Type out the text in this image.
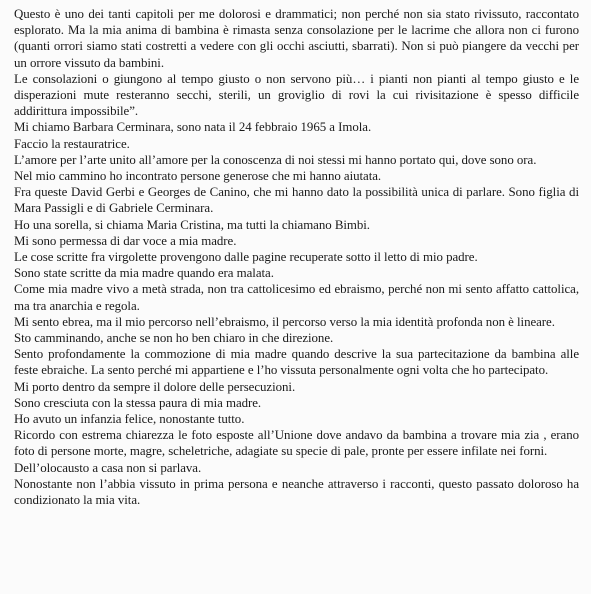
Questo è uno dei tanti capitoli per me dolorosi e drammatici; non perché non sia stato rivissuto, raccontato esplorato. Ma la mia anima di bambina è rimasta senza consolazione per le lacrime che allora non ci furono (quanti orrori siamo stati costretti a vedere con gli occhi asciutti, sbarrati). Non si può piangere da vecchi per un orrore vissuto da bambini.

Le consolazioni o giungono al tempo giusto o non servono più… i pianti non pianti al tempo giusto e le disperazioni mute resteranno secchi, sterili, un groviglio di rovi la cui rivisitazione è spesso difficile addirittura impossibile”.

Mi chiamo Barbara Cerminara, sono nata il 24 febbraio 1965 a Imola.

Faccio la restauratrice.

L’amore per l’arte unito all’amore per la conoscenza di noi stessi mi hanno portato qui, dove sono ora.

Nel mio cammino ho incontrato persone generose che mi hanno aiutata.

Fra queste David Gerbi e Georges de Canino, che mi hanno dato la possibilità unica di parlare. Sono figlia di Mara Passigli e di Gabriele Cerminara.

Ho una sorella, si chiama Maria Cristina, ma tutti la chiamano Bimbi.

Mi sono permessa di dar voce a mia madre.

Le cose scritte fra virgolette provengono dalle pagine recuperate sotto il letto di mio padre.

Sono state scritte da mia madre quando era malata.

Come mia madre vivo a metà strada, non tra cattolicesimo ed ebraismo, perché non mi sento affatto cattolica, ma tra anarchia e regola.

Mi sento ebrea, ma il mio percorso nell’ebraismo, il percorso verso la mia identità profonda non è lineare.

Sto camminando, anche se non ho ben chiaro in che direzione.

Sento profondamente la commozione di mia madre quando descrive la sua partecitazione da bambina alle feste ebraiche. La sento perché mi appartiene e l’ho vissuta personalmente ogni volta che ho partecipato.

Mi porto dentro da sempre il dolore delle persecuzioni.

Sono cresciuta con la stessa paura di mia madre.

Ho avuto un infanzia felice, nonostante tutto.

Ricordo con estrema chiarezza le foto esposte all’Unione dove andavo da bambina a trovare mia zia , erano foto di persone morte, magre, scheletriche, adagiate su specie di pale, pronte per essere infilate nei forni.

Dell’olocausto a casa non si parlava.

Nonostante non l’abbia vissuto in prima persona e neanche attraverso i racconti, questo passato doloroso ha condizionato la mia vita.
